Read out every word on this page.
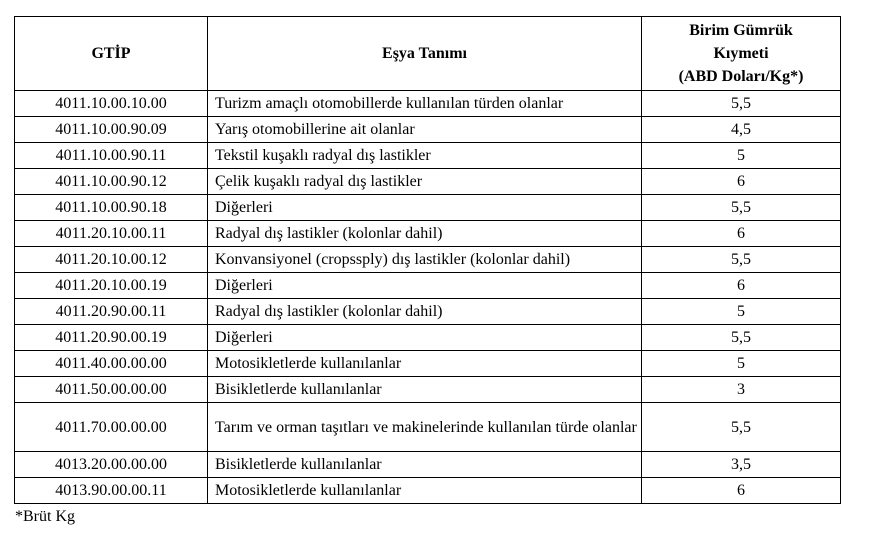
GTİP	Eşya Tanımı	Birim Gümrük
Kıymeti
(ABD Doları/Kg*)

4011.10.00.10.00	Turizm amaçlı otomobillerde kullanılan türden olanlar	5,5
4011.10.00.90.09	Yarış otomobillerine ait olanlar	4,5
4011.10.00.90.11	Tekstil kuşaklı radyal dış lastikler	5
4011.10.00.90.12	Çelik kuşaklı radyal dış lastikler	6
4011.10.00.90.18	Diğerleri	5,5
4011.20.10.00.11	Radyal dış lastikler (kolonlar dahil)	6
4011.20.10.00.12	Konvansiyonel (cropssply) dış lastikler (kolonlar dahil)	5,5
4011.20.10.00.19	Diğerleri	6
4011.20.90.00.11	Radyal dış lastikler (kolonlar dahil)	5
4011.20.90.00.19	Diğerleri	5,5
4011.40.00.00.00	Motosikletlerde kullanılanlar	5
4011.50.00.00.00	Bisikletlerde kullanılanlar	3
4011.70.00.00.00	Tarım ve orman taşıtları ve makinelerinde kullanılan türde olanlar	5,5
4013.20.00.00.00	Bisikletlerde kullanılanlar	3,5
4013.90.00.00.11	Motosikletlerde kullanılanlar	6
*Brüt Kg
